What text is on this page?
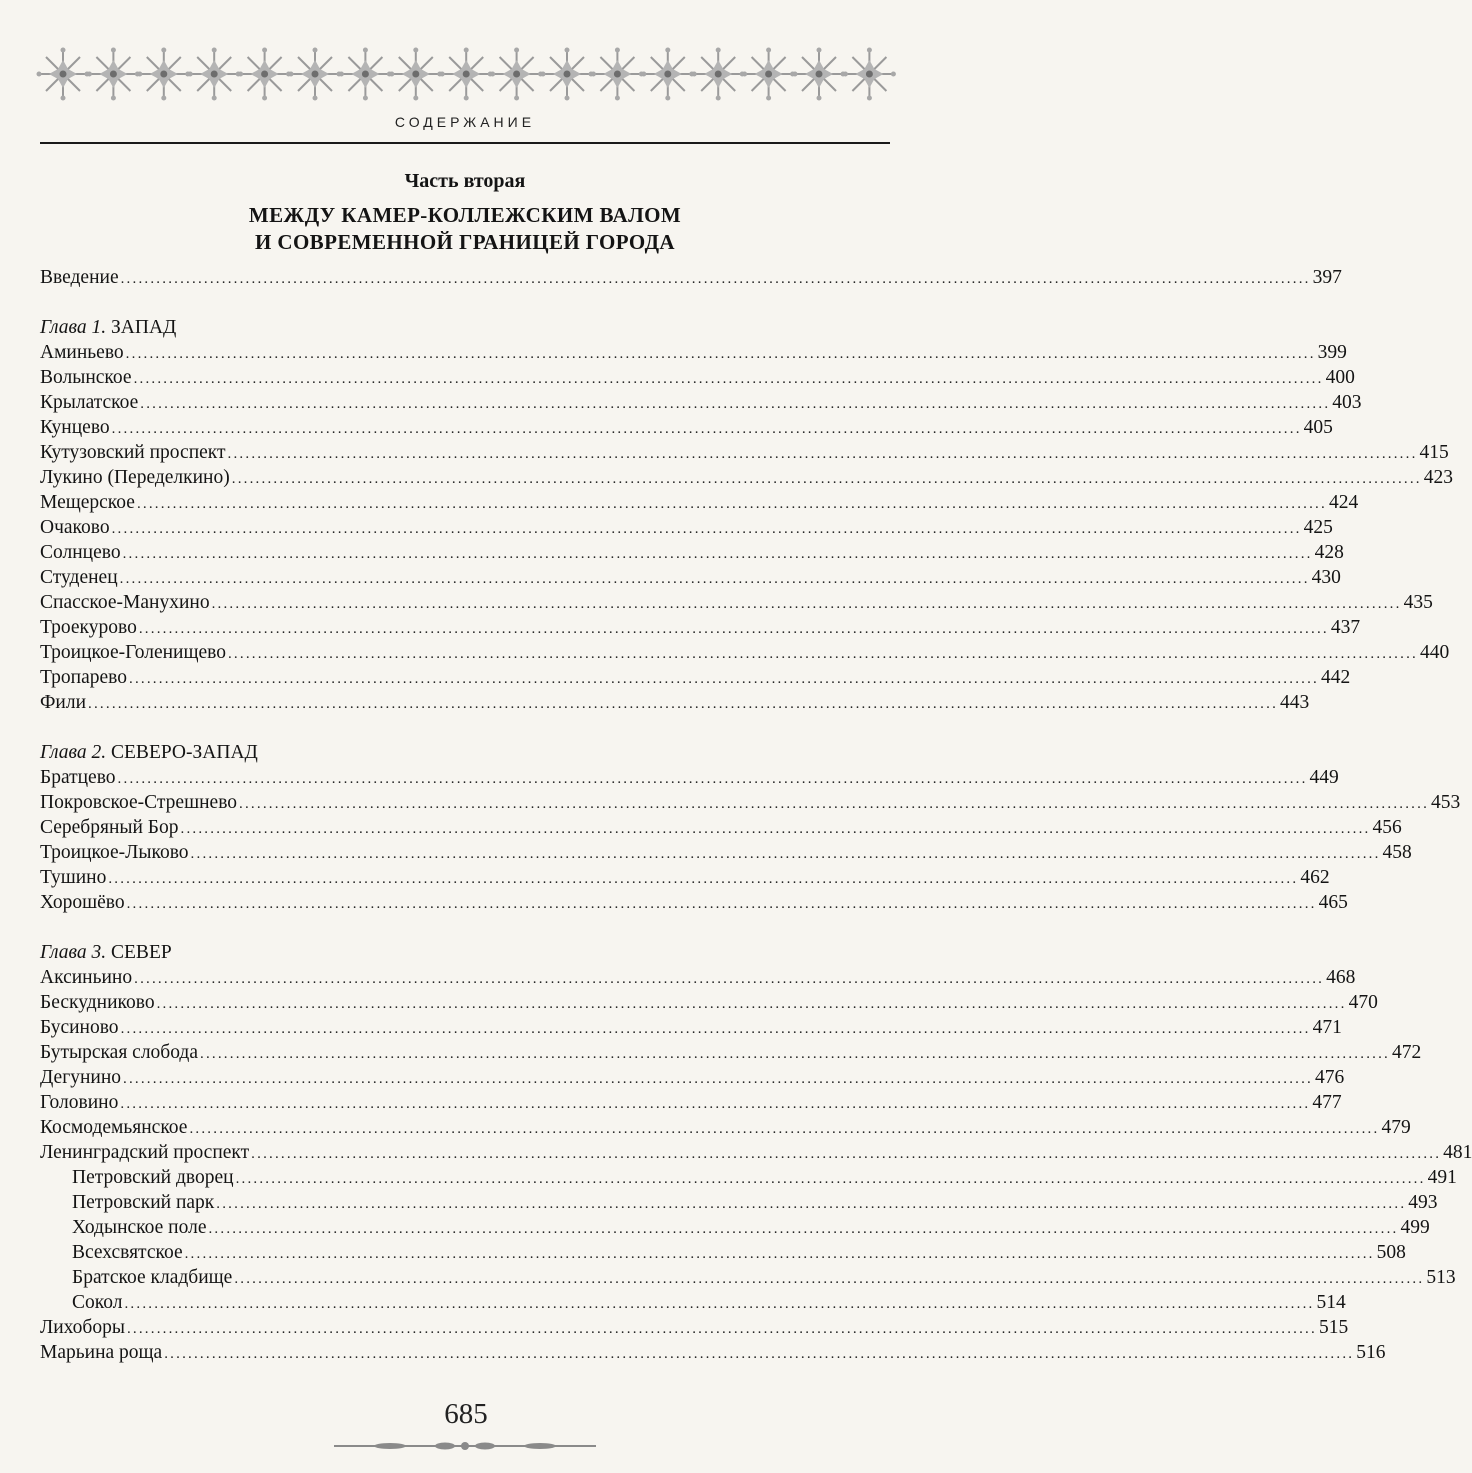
СОДЕРЖАНИЕ
Часть вторая
МЕЖДУ КАМЕР-КОЛЛЕЖСКИМ ВАЛОМ
И СОВРЕМЕННОЙ ГРАНИЦЕЙ ГОРОДА
Введение ........................................................................................................................................................................................................ 397
Глава 1. ЗАПАД
Аминьево ........................................................................................................................................................................................................ 399
Волынское ........................................................................................................................................................................................................ 400
Крылатское ........................................................................................................................................................................................................ 403
Кунцево ........................................................................................................................................................................................................ 405
Кутузовский проспект ........................................................................................................................................................................................................ 415
Лукино (Переделкино) ........................................................................................................................................................................................................ 423
Мещерское ........................................................................................................................................................................................................ 424
Очаково ........................................................................................................................................................................................................ 425
Солнцево ........................................................................................................................................................................................................ 428
Студенец ........................................................................................................................................................................................................ 430
Спасское-Манухино ........................................................................................................................................................................................................ 435
Троекурово ........................................................................................................................................................................................................ 437
Троицкое-Голенищево ........................................................................................................................................................................................................ 440
Тропарево ........................................................................................................................................................................................................ 442
Фили ........................................................................................................................................................................................................ 443
Глава 2. СЕВЕРО-ЗАПАД
Братцево ........................................................................................................................................................................................................ 449
Покровское-Стрешнево ........................................................................................................................................................................................................ 453
Серебряный Бор ........................................................................................................................................................................................................ 456
Троицкое-Лыково ........................................................................................................................................................................................................ 458
Тушино ........................................................................................................................................................................................................ 462
Хорошёво ........................................................................................................................................................................................................ 465
Глава 3. СЕВЕР
Аксиньино ........................................................................................................................................................................................................ 468
Бескудниково ........................................................................................................................................................................................................ 470
Бусиново ........................................................................................................................................................................................................ 471
Бутырская слобода ........................................................................................................................................................................................................ 472
Дегунино ........................................................................................................................................................................................................ 476
Головино ........................................................................................................................................................................................................ 477
Космодемьянское ........................................................................................................................................................................................................ 479
Ленинградский проспект ........................................................................................................................................................................................................ 481
Петровский дворец ........................................................................................................................................................................................................ 491
Петровский парк ........................................................................................................................................................................................................ 493
Ходынское поле ........................................................................................................................................................................................................ 499
Всехсвятское ........................................................................................................................................................................................................ 508
Братское кладбище ........................................................................................................................................................................................................ 513
Сокол ........................................................................................................................................................................................................ 514
Лихоборы ........................................................................................................................................................................................................ 515
Марьина роща ........................................................................................................................................................................................................ 516
685
